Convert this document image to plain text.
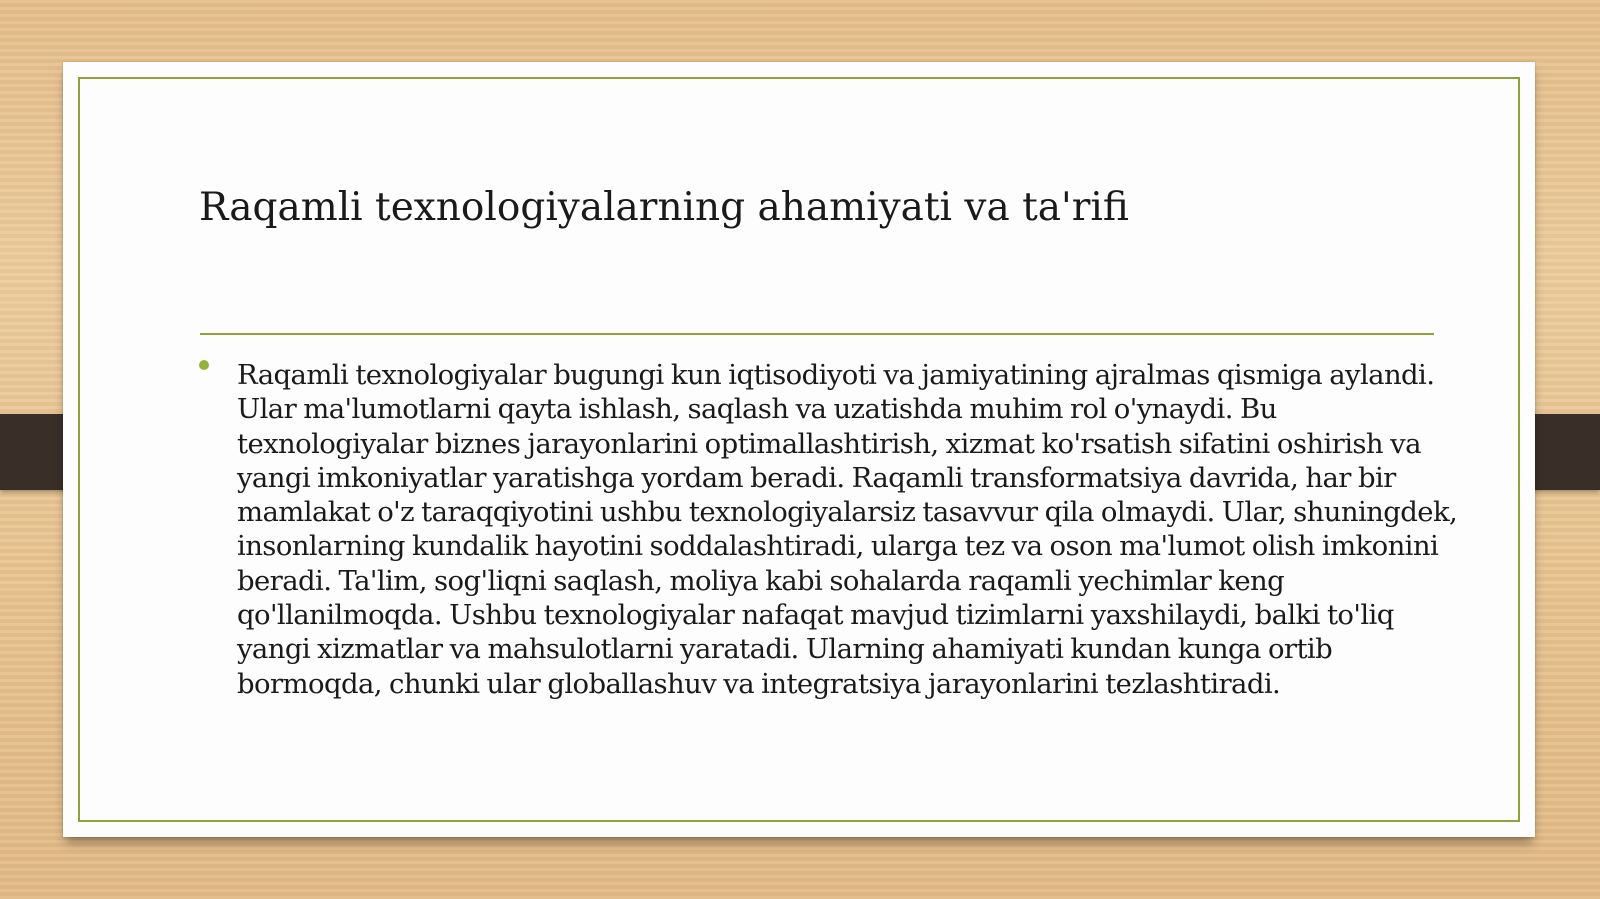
Raqamli texnologiyalarning ahamiyati va ta'rifi

Raqamli texnologiyalar bugungi kun iqtisodiyoti va jamiyatining ajralmas qismiga aylandi. Ular ma'lumotlarni qayta ishlash, saqlash va uzatishda muhim rol o'ynaydi. Bu texnologiyalar biznes jarayonlarini optimallashtirish, xizmat ko'rsatish sifatini oshirish va yangi imkoniyatlar yaratishga yordam beradi. Raqamli transformatsiya davrida, har bir mamlakat o'z taraqqiyotini ushbu texnologiyalarsiz tasavvur qila olmaydi. Ular, shuningdek, insonlarning kundalik hayotini soddalashtiradi, ularga tez va oson ma'lumot olish imkonini beradi. Ta'lim, sog'liqni saqlash, moliya kabi sohalarda raqamli yechimlar keng qo'llanilmoqda. Ushbu texnologiyalar nafaqat mavjud tizimlarni yaxshilaydi, balki to'liq yangi xizmatlar va mahsulotlarni yaratadi. Ularning ahamiyati kundan kunga ortib bormoqda, chunki ular globallashuv va integratsiya jarayonlarini tezlashtiradi.
